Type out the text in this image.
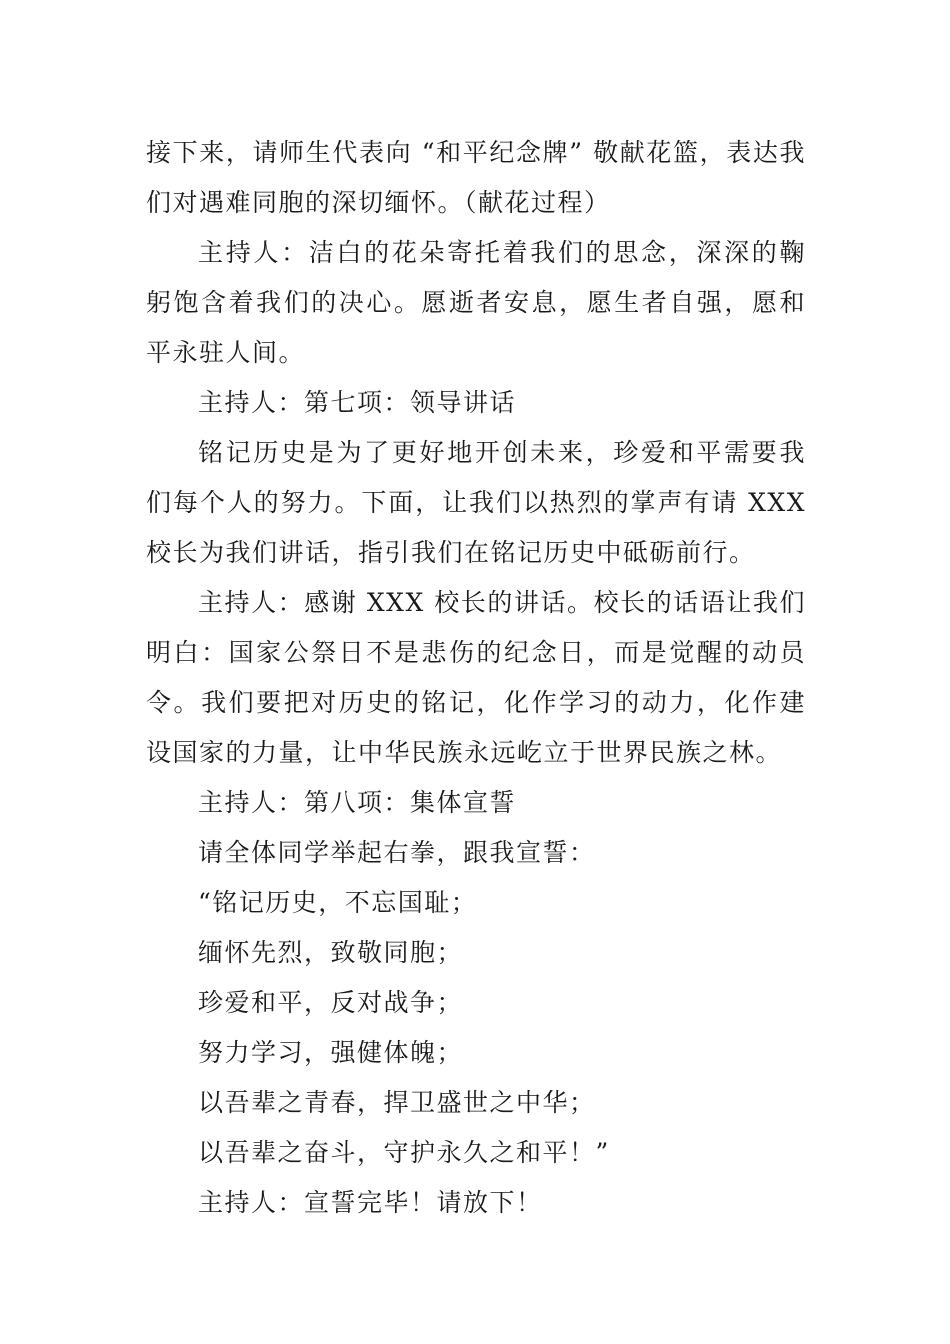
接下来，请师生代表向 “和平纪念牌” 敬献花篮，表达我们对遇难同胞的深切缅怀。（献花过程）

主持人：洁白的花朵寄托着我们的思念，深深的鞠躬饱含着我们的决心。愿逝者安息，愿生者自强，愿和平永驻人间。

主持人：第七项：领导讲话

铭记历史是为了更好地开创未来，珍爱和平需要我们每个人的努力。下面，让我们以热烈的掌声有请 XXX 校长为我们讲话，指引我们在铭记历史中砥砺前行。

主持人：感谢 XXX 校长的讲话。校长的话语让我们明白：国家公祭日不是悲伤的纪念日，而是觉醒的动员令。我们要把对历史的铭记，化作学习的动力，化作建设国家的力量，让中华民族永远屹立于世界民族之林。

主持人：第八项：集体宣誓

请全体同学举起右拳，跟我宣誓：

“铭记历史，不忘国耻；

缅怀先烈，致敬同胞；

珍爱和平，反对战争；

努力学习，强健体魄；

以吾辈之青春，捍卫盛世之中华；

以吾辈之奋斗，守护永久之和平！”

主持人：宣誓完毕！请放下！
